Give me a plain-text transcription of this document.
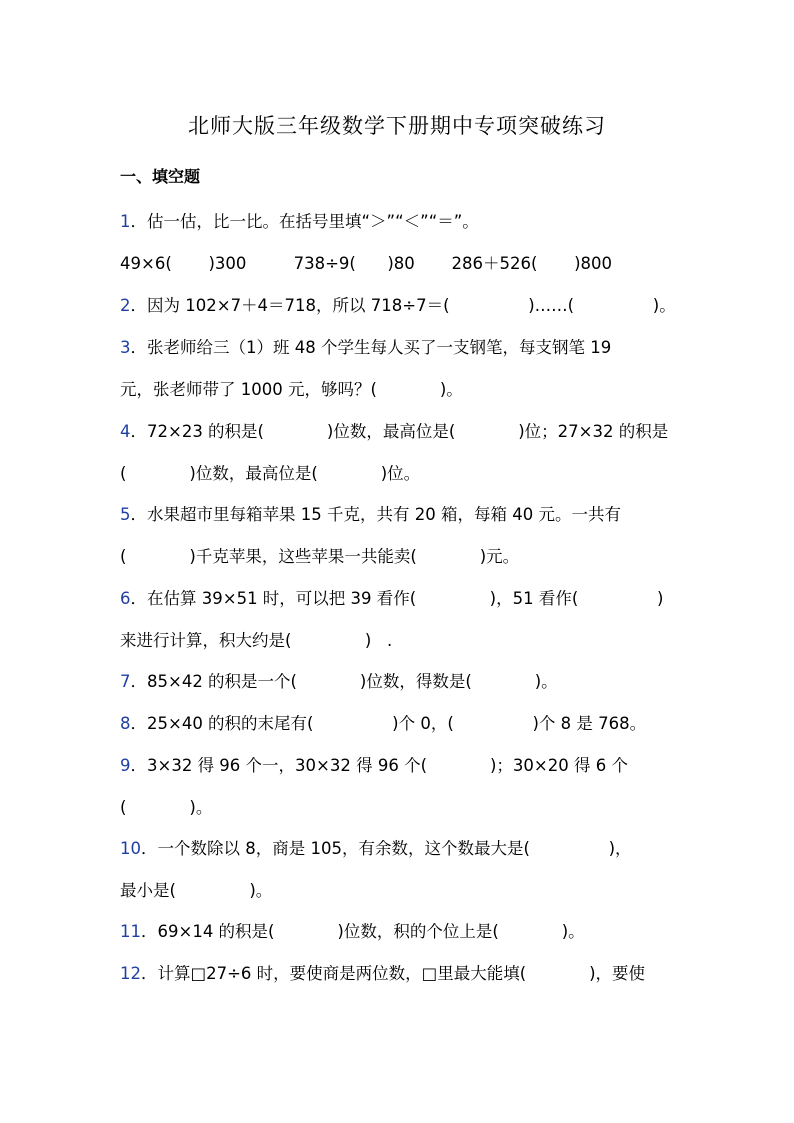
北师大版三年级数学下册期中专项突破练习
一、填空题
1．估一估，比一比。在括号里填“＞”“＜”“＝”。
49×6(       )300         738÷9(      )80       286＋526(       )800
2．因为 102×7＋4＝718，所以 718÷7＝(               )……(               )。
3．张老师给三（1）班 48 个学生每人买了一支钢笔，每支钢笔 19
元，张老师带了 1000 元，够吗？(            )。
4．72×23 的积是(            )位数，最高位是(            )位；27×32 的积是
(            )位数，最高位是(            )位。
5．水果超市里每箱苹果 15 千克，共有 20 箱，每箱 40 元。一共有
(            )千克苹果，这些苹果一共能卖(            )元。
6．在估算 39×51 时，可以把 39 看作(              )，51 看作(               )
来进行计算，积大约是(              )   .
7．85×42 的积是一个(            )位数，得数是(            )。
8．25×40 的积的末尾有(               )个 0，(               )个 8 是 768。
9．3×32 得 96 个一，30×32 得 96 个(            )；30×20 得 6 个
(            )。
10．一个数除以 8，商是 105，有余数，这个数最大是(               )，
最小是(              )。
11．69×14 的积是(            )位数，积的个位上是(            )。
12．计算□27÷6 时，要使商是两位数，□里最大能填(            )，要使
